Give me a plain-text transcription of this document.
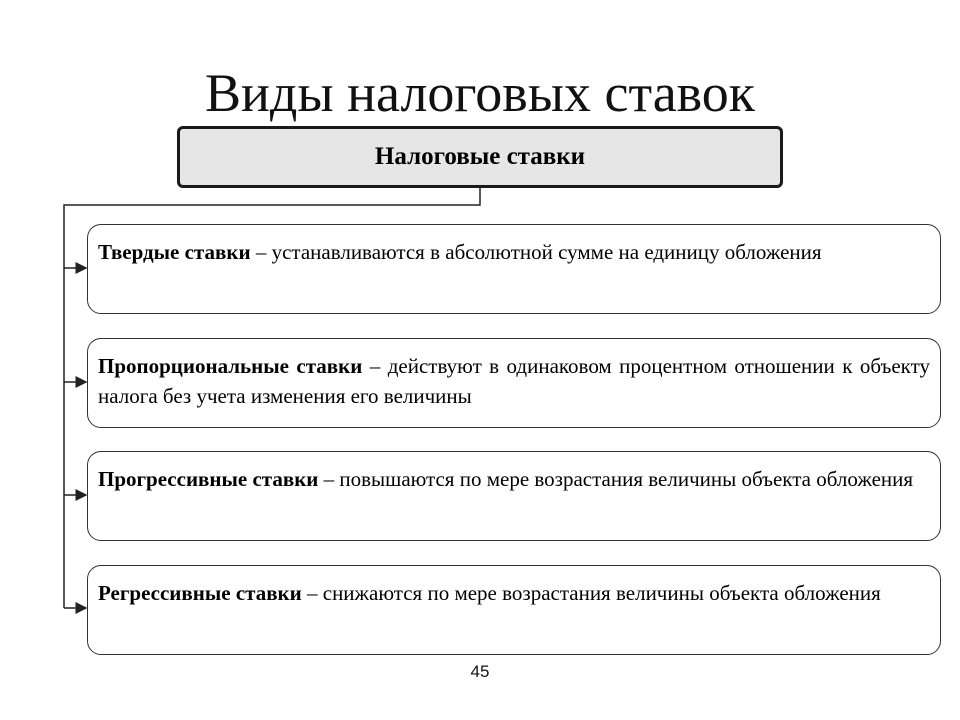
Виды налоговых ставок
Налоговые ставки
Твердые ставки – устанавливаются в абсолютной сумме на единицу обложения
Пропорциональные ставки – действуют в одинаковом процентном отношении к объекту налога без учета изменения его величины
Прогрессивные ставки – повышаются по мере возрастания величины объекта обложения
Регрессивные ставки – снижаются по мере возрастания величины объекта обложения
45
